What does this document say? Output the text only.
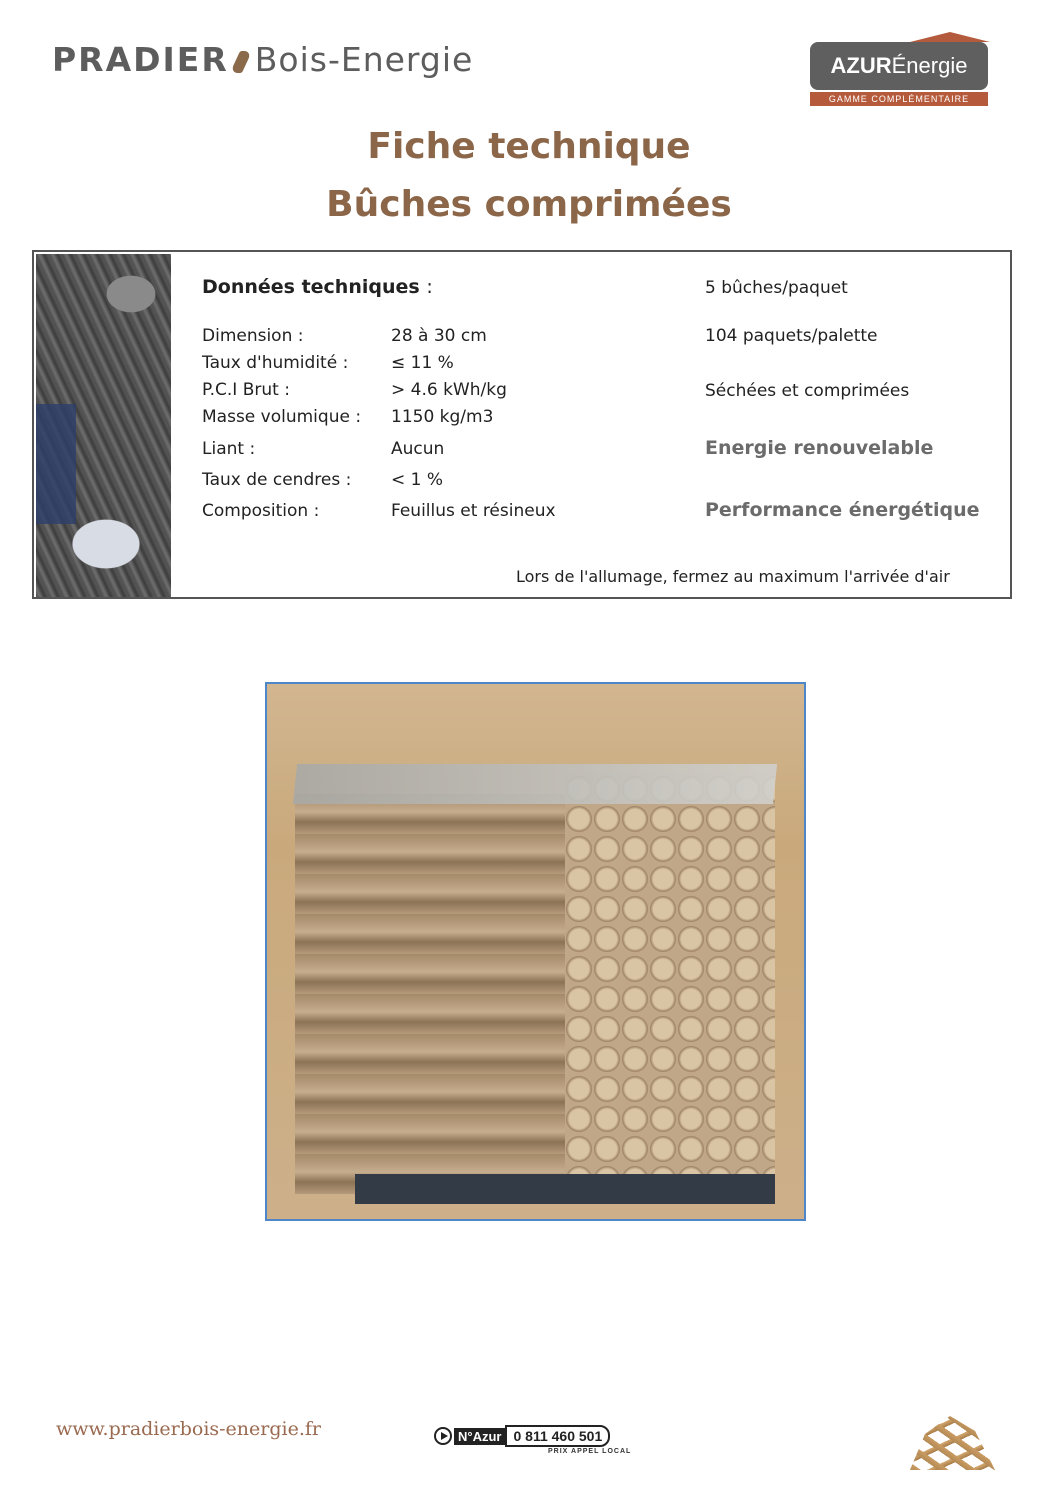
PRADIER Bois-Energie	AZURÉnergie
GAMME COMPLÉMENTAIRE
Fiche technique
Bûches comprimées
Données techniques :
Dimension :	28 à 30 cm
Taux d'humidité :	≤ 11 %
P.C.I Brut :	> 4.6 kWh/kg
Masse volumique : 1150 kg/m3
Liant :	Aucun
Taux de cendres : < 1 %
Composition :	Feuillus et résineux
5 bûches/paquet
104 paquets/palette
Séchées et comprimées
Energie renouvelable
Performance énergétique
Lors de l'allumage, fermez au maximum l'arrivée d'air
www.pradierbois-energie.fr	N°Azur 0 811 460 501
PRIX APPEL LOCAL
